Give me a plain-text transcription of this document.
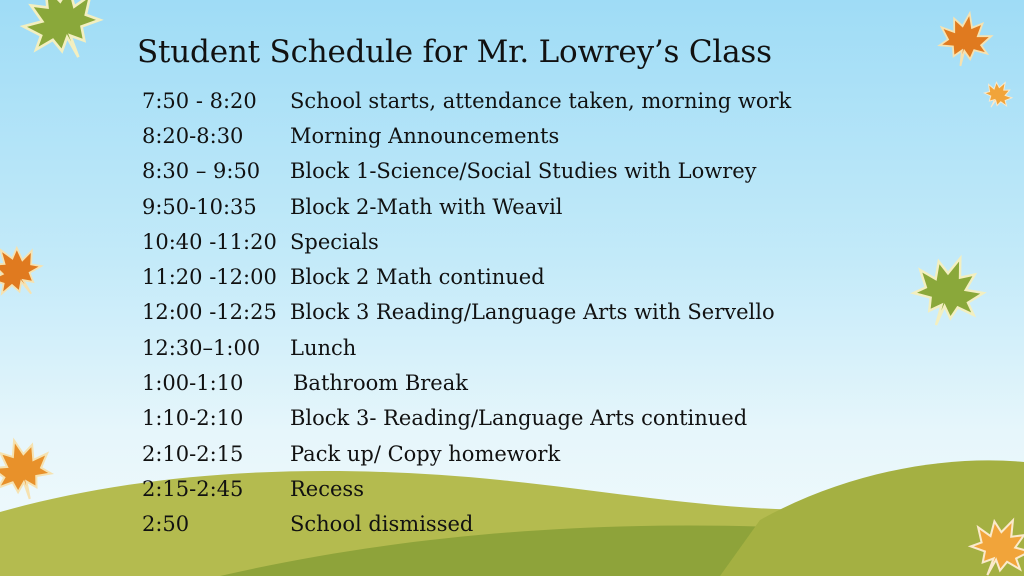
Student Schedule for Mr. Lowrey’s Class
7:50 - 8:20	School starts, attendance taken, morning work
8:20-8:30	Morning Announcements
8:30 – 9:50	Block 1-Science/Social Studies with Lowrey
9:50-10:35	Block 2-Math with Weavil
10:40 -11:20 Specials
11:20 -12:00 Block 2 Math continued
12:00 -12:25 Block 3 Reading/Language Arts with Servello
12:30–1:00	Lunch
1:00-1:10	Bathroom Break
1:10-2:10	Block 3- Reading/Language Arts continued
2:10-2:15	Pack up/ Copy homework
2:15-2:45	Recess
2:50	School dismissed
